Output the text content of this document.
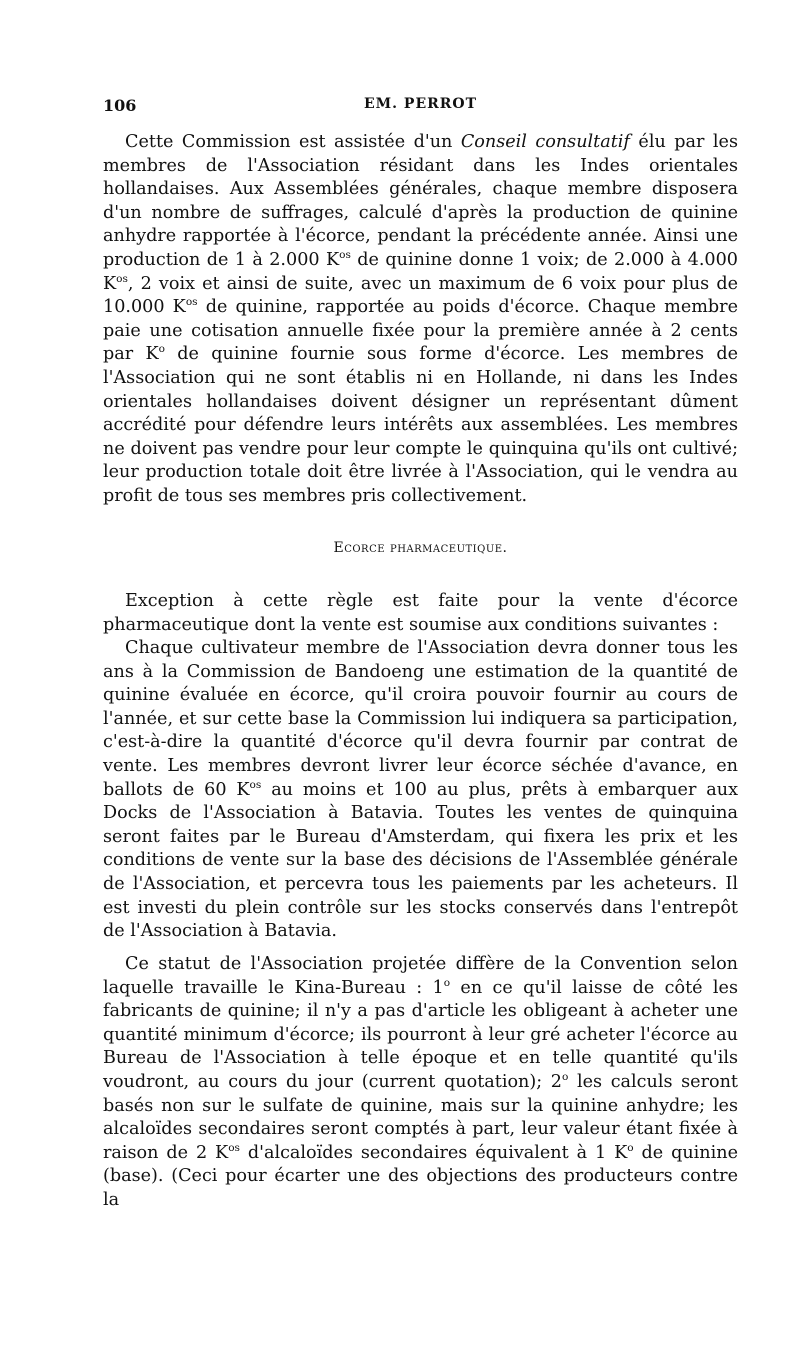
106	EM. PERROT

Cette Commission est assistée d'un Conseil consultatif élu par les membres de l'Association résidant dans les Indes orientales hollandaises. Aux Assemblées générales, chaque membre disposera d'un nombre de suffrages, calculé d'après la production de quinine anhydre rapportée à l'écorce, pendant la précédente année. Ainsi une production de 1 à 2.000 $K^{os}$ de quinine donne 1 voix; de 2.000 à 4.000 $K^{os}$, 2 voix et ainsi de suite, avec un maximum de 6 voix pour plus de 10.000 $K^{os}$ de quinine, rapportée au poids d'écorce. Chaque membre paie une cotisation annuelle fixée pour la première année à 2 cents par $K^o$ de quinine fournie sous forme d'écorce. Les membres de l'Association qui ne sont établis ni en Hollande, ni dans les Indes orientales hollandaises doivent désigner un représentant dûment accrédité pour défendre leurs intérêts aux assemblées. Les membres ne doivent pas vendre pour leur compte le quinquina qu'ils ont cultivé; leur production totale doit être livrée à l'Association, qui le vendra au profit de tous ses membres pris collectivement.

Ecorce pharmaceutique.

Exception à cette règle est faite pour la vente d'écorce pharmaceutique dont la vente est soumise aux conditions suivantes :

Chaque cultivateur membre de l'Association devra donner tous les ans à la Commission de Bandoeng une estimation de la quantité de quinine évaluée en écorce, qu'il croira pouvoir fournir au cours de l'année, et sur cette base la Commission lui indiquera sa participation, c'est-à-dire la quantité d'écorce qu'il devra fournir par contrat de vente. Les membres devront livrer leur écorce séchée d'avance, en ballots de 60 $K^{os}$ au moins et 100 au plus, prêts à embarquer aux Docks de l'Association à Batavia. Toutes les ventes de quinquina seront faites par le Bureau d'Amsterdam, qui fixera les prix et les conditions de vente sur la base des décisions de l'Assemblée générale de l'Association, et percevra tous les paiements par les acheteurs. Il est investi du plein contrôle sur les stocks conservés dans l'entrepôt de l'Association à Batavia.

Ce statut de l'Association projetée diffère de la Convention selon laquelle travaille le Kina-Bureau : 1$^o$ en ce qu'il laisse de côté les fabricants de quinine; il n'y a pas d'article les obligeant à acheter une quantité minimum d'écorce; ils pourront à leur gré acheter l'écorce au Bureau de l'Association à telle époque et en telle quantité qu'ils voudront, au cours du jour (current quotation); 2$^o$ les calculs seront basés non sur le sulfate de quinine, mais sur la quinine anhydre; les alcaloïdes secondaires seront comptés à part, leur valeur étant fixée à raison de 2 $K^{os}$ d'alcaloïdes secondaires équivalent à 1 $K^o$ de quinine (base). (Ceci pour écarter une des objections des producteurs contre la
